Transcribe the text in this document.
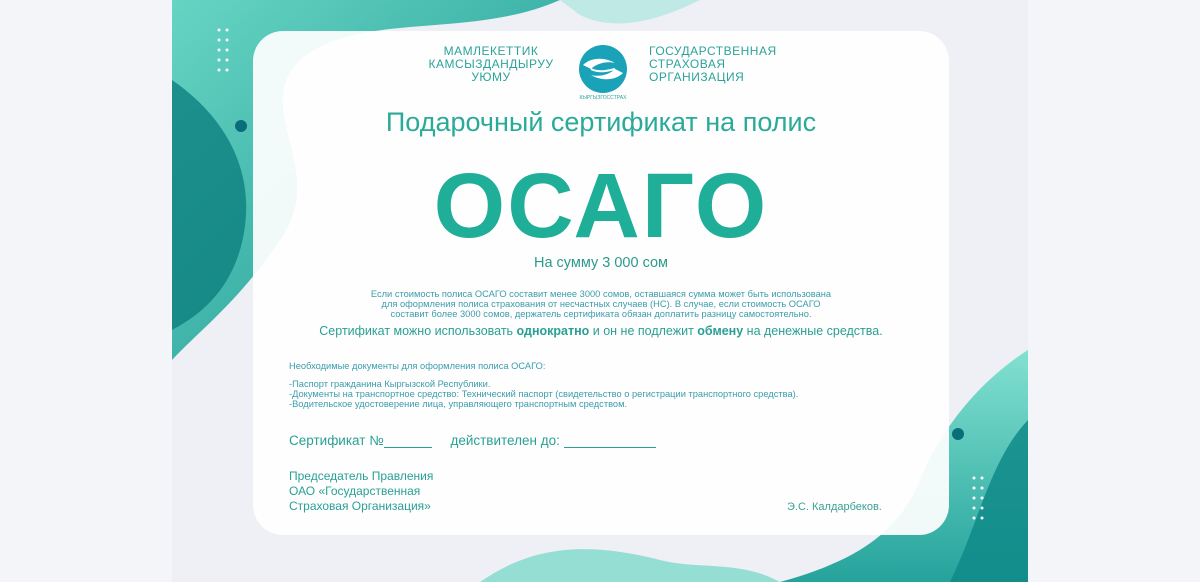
МАМЛЕКЕТТИК
КАМСЫЗДАНДЫРУУ
УЮМУ
КЫРГЫЗГОССТРАХ
ГОСУДАРСТВЕННАЯ
СТРАХОВАЯ
ОРГАНИЗАЦИЯ
Подарочный сертификат на полис
ОСАГО
На сумму 3 000 сом
Если стоимость полиса ОСАГО составит менее 3000 сомов, оставшаяся сумма может быть использована
для оформления полиса страхования от несчастных случаев (НС). В случае, если стоимость ОСАГО
составит более 3000 сомов, держатель сертификата обязан доплатить разницу самостоятельно.
Сертификат можно использовать однократно и он не подлежит обмену на денежные средства.
Необходимые документы для оформления полиса ОСАГО:
-Паспорт гражданина Кыргызской Республики.
-Документы на транспортное средство: Технический паспорт (свидетельство о регистрации транспортного средства).
-Водительское удостоверение лица, управляющего транспортным средством.
Сертификат №	действителен до:
Председатель Правления
ОАО «Государственная
Страховая Организация»	Э.С. Калдарбеков.
